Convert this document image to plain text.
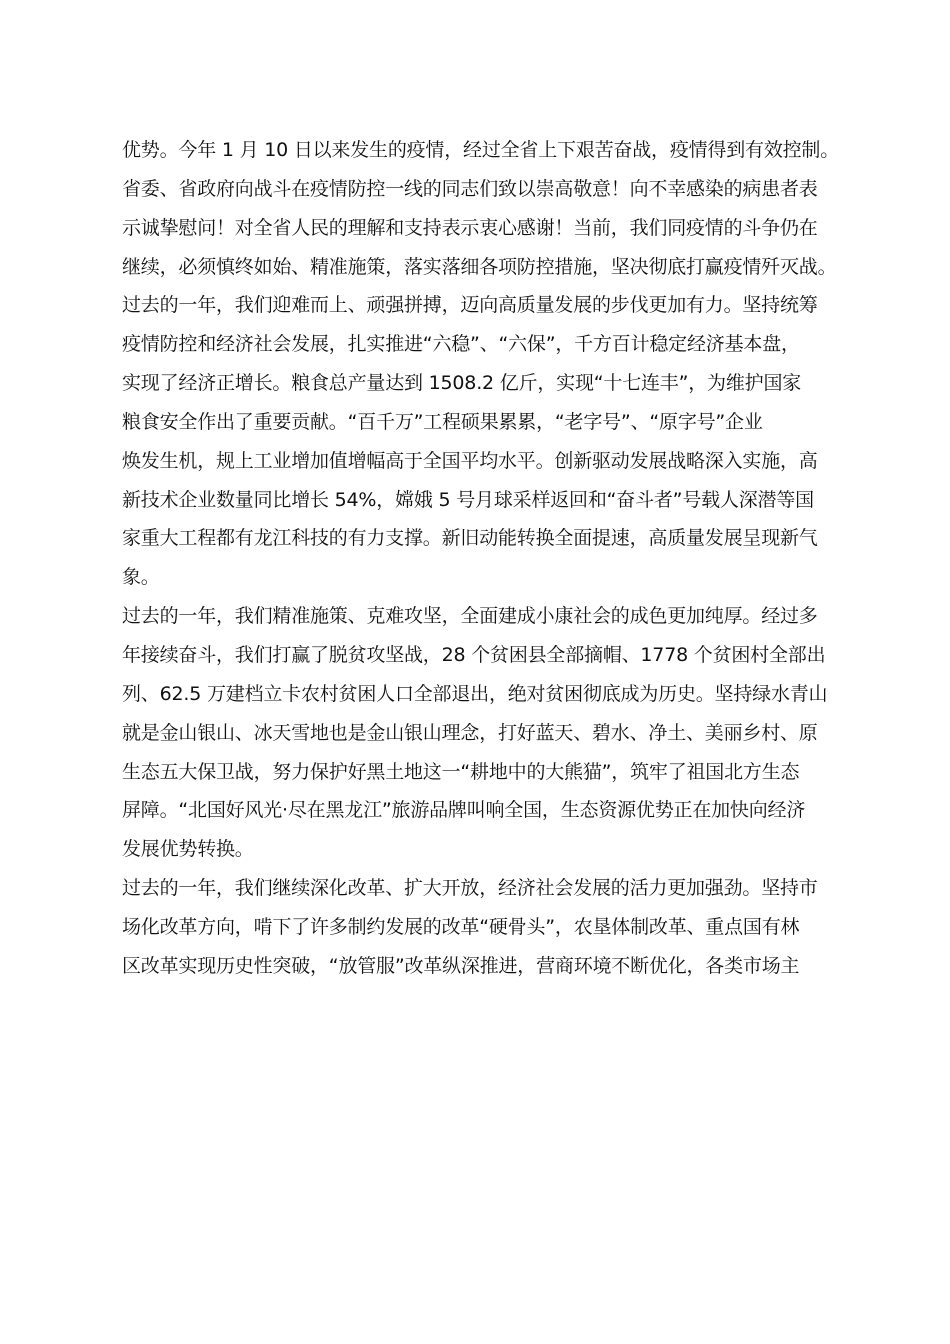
优势。今年 1 月 10 日以来发生的疫情，经过全省上下艰苦奋战，疫情得到有效控制。
省委、省政府向战斗在疫情防控一线的同志们致以崇高敬意！向不幸感染的病患者表
示诚挚慰问！对全省人民的理解和支持表示衷心感谢！当前，我们同疫情的斗争仍在
继续，必须慎终如始、精准施策，落实落细各项防控措施，坚决彻底打赢疫情歼灭战。
过去的一年，我们迎难而上、顽强拼搏，迈向高质量发展的步伐更加有力。坚持统筹
疫情防控和经济社会发展，扎实推进“六稳”、“六保”，千方百计稳定经济基本盘，
实现了经济正增长。粮食总产量达到 1508.2 亿斤，实现“十七连丰”，为维护国家
粮食安全作出了重要贡献。“百千万”工程硕果累累，“老字号”、“原字号”企业
焕发生机，规上工业增加值增幅高于全国平均水平。创新驱动发展战略深入实施，高
新技术企业数量同比增长 54%，嫦娥 5 号月球采样返回和“奋斗者”号载人深潜等国
家重大工程都有龙江科技的有力支撑。新旧动能转换全面提速，高质量发展呈现新气
象。
过去的一年，我们精准施策、克难攻坚，全面建成小康社会的成色更加纯厚。经过多
年接续奋斗，我们打赢了脱贫攻坚战，28 个贫困县全部摘帽、1778 个贫困村全部出
列、62.5 万建档立卡农村贫困人口全部退出，绝对贫困彻底成为历史。坚持绿水青山
就是金山银山、冰天雪地也是金山银山理念，打好蓝天、碧水、净土、美丽乡村、原
生态五大保卫战，努力保护好黑土地这一“耕地中的大熊猫”，筑牢了祖国北方生态
屏障。“北国好风光·尽在黑龙江”旅游品牌叫响全国，生态资源优势正在加快向经济
发展优势转换。
过去的一年，我们继续深化改革、扩大开放，经济社会发展的活力更加强劲。坚持市
场化改革方向，啃下了许多制约发展的改革“硬骨头”，农垦体制改革、重点国有林
区改革实现历史性突破，“放管服”改革纵深推进，营商环境不断优化，各类市场主
